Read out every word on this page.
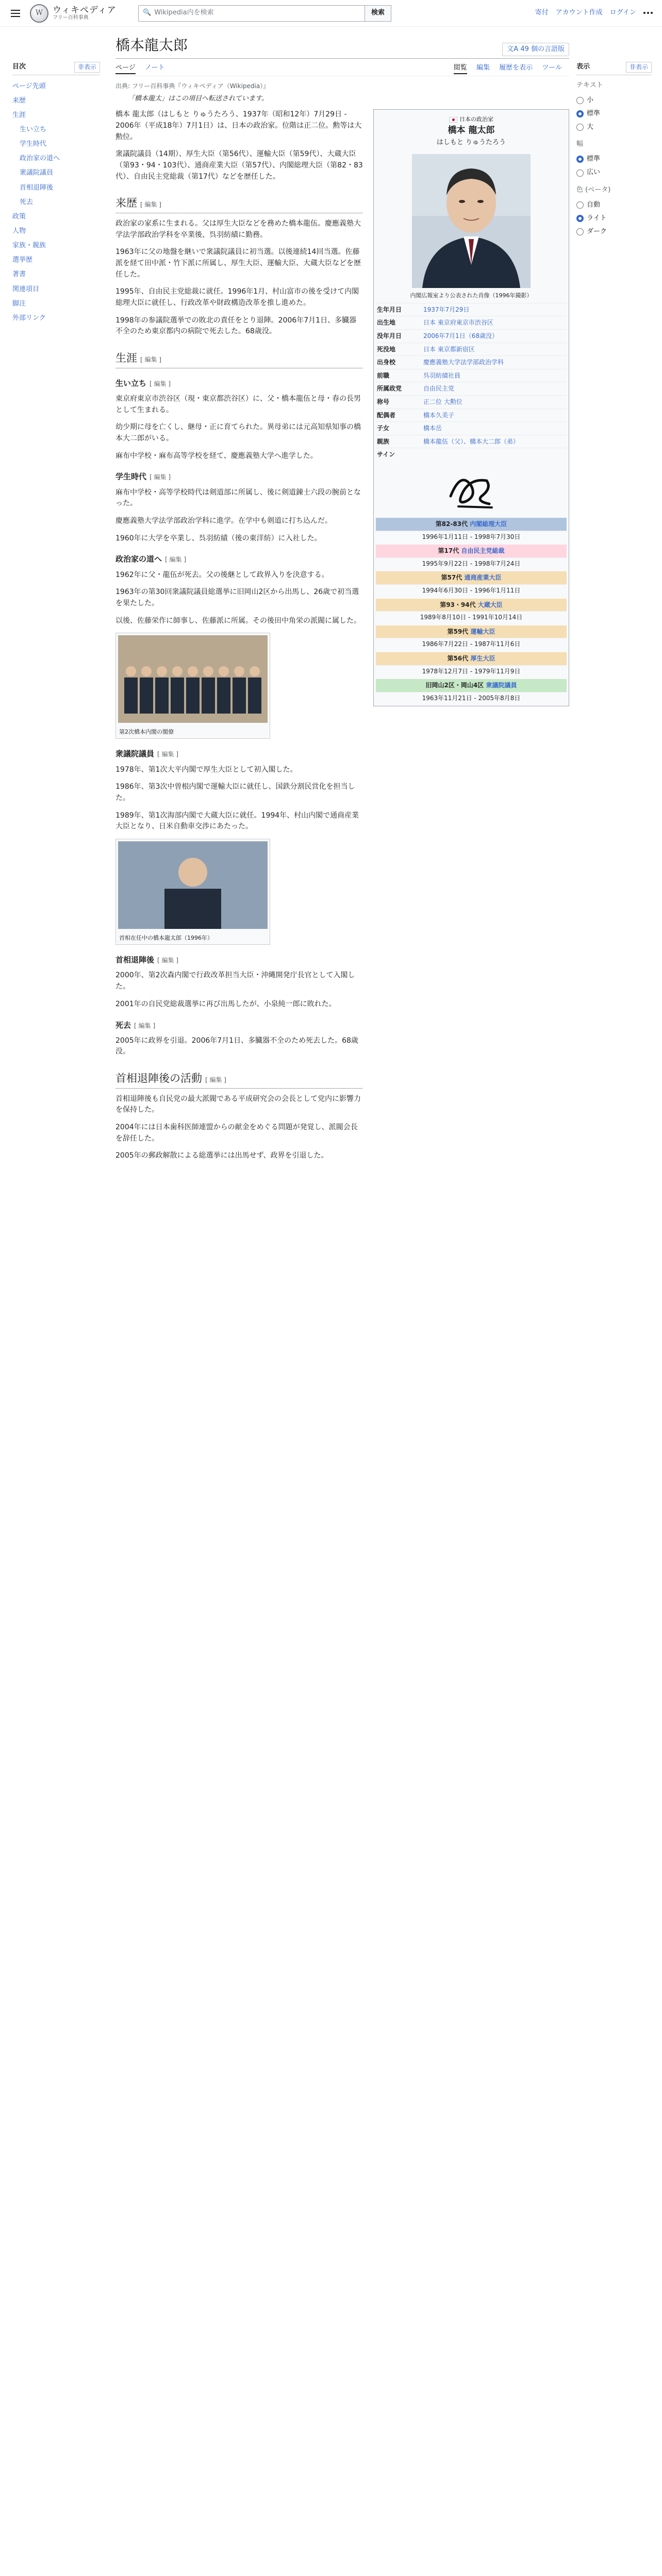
W	ウィキペディア
フリー百科事典
🔍 Wikipedia内を検索	検索	寄付 アカウント作成 ログイン
目次	非表示
ページ先頭
来歴
生涯
生い立ち
学生時代
政治家の道へ
衆議院議員
首相退陣後
死去
政策
人物
家族・親族
選挙歴
著書
関連項目
脚注
外部リンク
表示	非表示
テキスト
小
標準
大
幅
標準
広い
色 (ベータ)
自動
ライト
ダーク
橋本龍太郎	文A 49 個の言語版
ページ ノート	閲覧 編集 履歴を表示 ツール
出典: フリー百科事典『ウィキペディア（Wikipedia）』
「橋本龍太」はこの項目へ転送されています。

橋本 龍太郎（はしもと りゅうたろう、1937年（昭和12年）7月29日 - 2006年（平成18年）7月1日）は、日本の政治家。位階は正二位。勲等は大勲位。

衆議院議員（14期）、厚生大臣（第56代）、運輸大臣（第59代）、大蔵大臣（第93・94・103代）、通商産業大臣（第57代）、内閣総理大臣（第82・83代）、自由民主党総裁（第17代）などを歴任した。

来歴 [ 編集 ]

政治家の家系に生まれる。父は厚生大臣などを務めた橋本龍伍。慶應義塾大学法学部政治学科を卒業後、呉羽紡績に勤務。

1963年に父の地盤を継いで衆議院議員に初当選。以後連続14回当選。佐藤派を経て田中派・竹下派に所属し、厚生大臣、運輸大臣、大蔵大臣などを歴任した。

1995年、自由民主党総裁に就任。1996年1月、村山富市の後を受けて内閣総理大臣に就任し、行政改革や財政構造改革を推し進めた。

1998年の参議院選挙での敗北の責任をとり退陣。2006年7月1日、多臓器不全のため東京都内の病院で死去した。68歳没。

生涯 [ 編集 ]
生い立ち [ 編集 ]

東京府東京市渋谷区（現・東京都渋谷区）に、父・橋本龍伍と母・春の長男として生まれる。

幼少期に母を亡くし、継母・正に育てられた。異母弟には元高知県知事の橋本大二郎がいる。

麻布中学校・麻布高等学校を経て、慶應義塾大学へ進学した。

学生時代 [ 編集 ]

麻布中学校・高等学校時代は剣道部に所属し、後に剣道錬士六段の腕前となった。

慶應義塾大学法学部政治学科に進学。在学中も剣道に打ち込んだ。

1960年に大学を卒業し、呉羽紡績（後の東洋紡）に入社した。

政治家の道へ [ 編集 ]

1962年に父・龍伍が死去。父の後継として政界入りを決意する。

1963年の第30回衆議院議員総選挙に旧岡山2区から出馬し、26歳で初当選を果たした。

以後、佐藤栄作に師事し、佐藤派に所属。その後田中角栄の派閥に属した。

第2次橋本内閣の閣僚
衆議院議員 [ 編集 ]

1978年、第1次大平内閣で厚生大臣として初入閣した。

1986年、第3次中曽根内閣で運輸大臣に就任し、国鉄分割民営化を担当した。

1989年、第1次海部内閣で大蔵大臣に就任。1994年、村山内閣で通商産業大臣となり、日米自動車交渉にあたった。

首相在任中の橋本龍太郎（1996年）
首相退陣後 [ 編集 ]

2000年、第2次森内閣で行政改革担当大臣・沖縄開発庁長官として入閣した。

2001年の自民党総裁選挙に再び出馬したが、小泉純一郎に敗れた。

死去 [ 編集 ]

2005年に政界を引退。2006年7月1日、多臓器不全のため死去した。68歳没。

首相退陣後の活動 [ 編集 ]

首相退陣後も自民党の最大派閥である平成研究会の会長として党内に影響力を保持した。

2004年には日本歯科医師連盟からの献金をめぐる問題が発覚し、派閥会長を辞任した。

2005年の郵政解散による総選挙には出馬せず、政界を引退した。

日本の政治家
橋本 龍太郎
はしもと りゅうたろう
内閣広報室より公表された肖像（1996年撮影）
生年月日	1937年7月29日
出生地	日本 東京府東京市渋谷区
没年月日	2006年7月1日（68歳没）
死没地	日本 東京都新宿区
出身校	慶應義塾大学法学部政治学科
前職	呉羽紡績社員
所属政党	自由民主党
称号	正二位 大勲位
配偶者	橋本久美子
子女	橋本岳
親族	橋本龍伍（父）、橋本大二郎（弟）
サイン
第82-83代 内閣総理大臣
1996年1月11日 - 1998年7月30日
第17代 自由民主党総裁
1995年9月22日 - 1998年7月24日
第57代 通商産業大臣
1994年6月30日 - 1996年1月11日
第93・94代 大蔵大臣
1989年8月10日 - 1991年10月14日
第59代 運輸大臣
1986年7月22日 - 1987年11月6日
第56代 厚生大臣
1978年12月7日 - 1979年11月9日
旧岡山2区・岡山4区 衆議院議員
1963年11月21日 - 2005年8月8日
